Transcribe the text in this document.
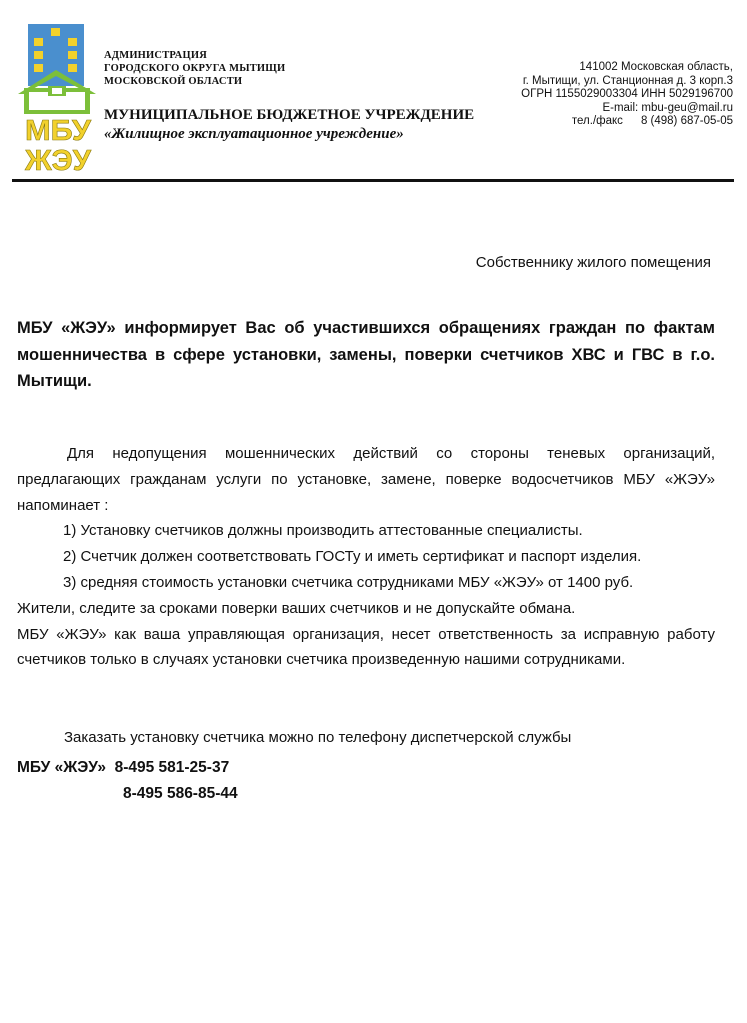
МБУ
ЖЭУ
АДМИНИСТРАЦИЯ
ГОРОДСКОГО ОКРУГА МЫТИЩИ
МОСКОВСКОЙ ОБЛАСТИ
МУНИЦИПАЛЬНОЕ БЮДЖЕТНОЕ УЧРЕЖДЕНИЕ
«Жилищное эксплуатационное учреждение»
141002 Московская область,
г. Мытищи, ул. Станционная д. 3 корп.3
ОГРН 1155029003304 ИНН 5029196700
E-mail: mbu-geu@mail.ru
тел./факс 8 (498) 687-05-05
Собственнику жилого помещения
МБУ «ЖЭУ» информирует Вас об участившихся обращениях граждан по фактам мошенничества в сфере установки, замены, поверки счетчиков ХВС и ГВС в г.о. Мытищи.

Для недопущения мошеннических действий со стороны теневых организаций, предлагающих гражданам услуги по установке, замене, поверке водосчетчиков МБУ «ЖЭУ» напоминает :

1) Установку счетчиков должны производить аттестованные специалисты.

2) Счетчик должен соответствовать ГОСТу и иметь сертификат и паспорт изделия.

3) средняя стоимость установки счетчика сотрудниками МБУ «ЖЭУ» от 1400 руб.

Жители, следите за сроками поверки ваших счетчиков и не допускайте обмана.

МБУ «ЖЭУ» как ваша управляющая организация, несет ответственность за исправную работу счетчиков только в случаях установки счетчика произведенную нашими сотрудниками.

Заказать установку счетчика можно по телефону диспетчерской службы
МБУ «ЖЭУ» 8-495 581-25-37
8-495 586-85-44
